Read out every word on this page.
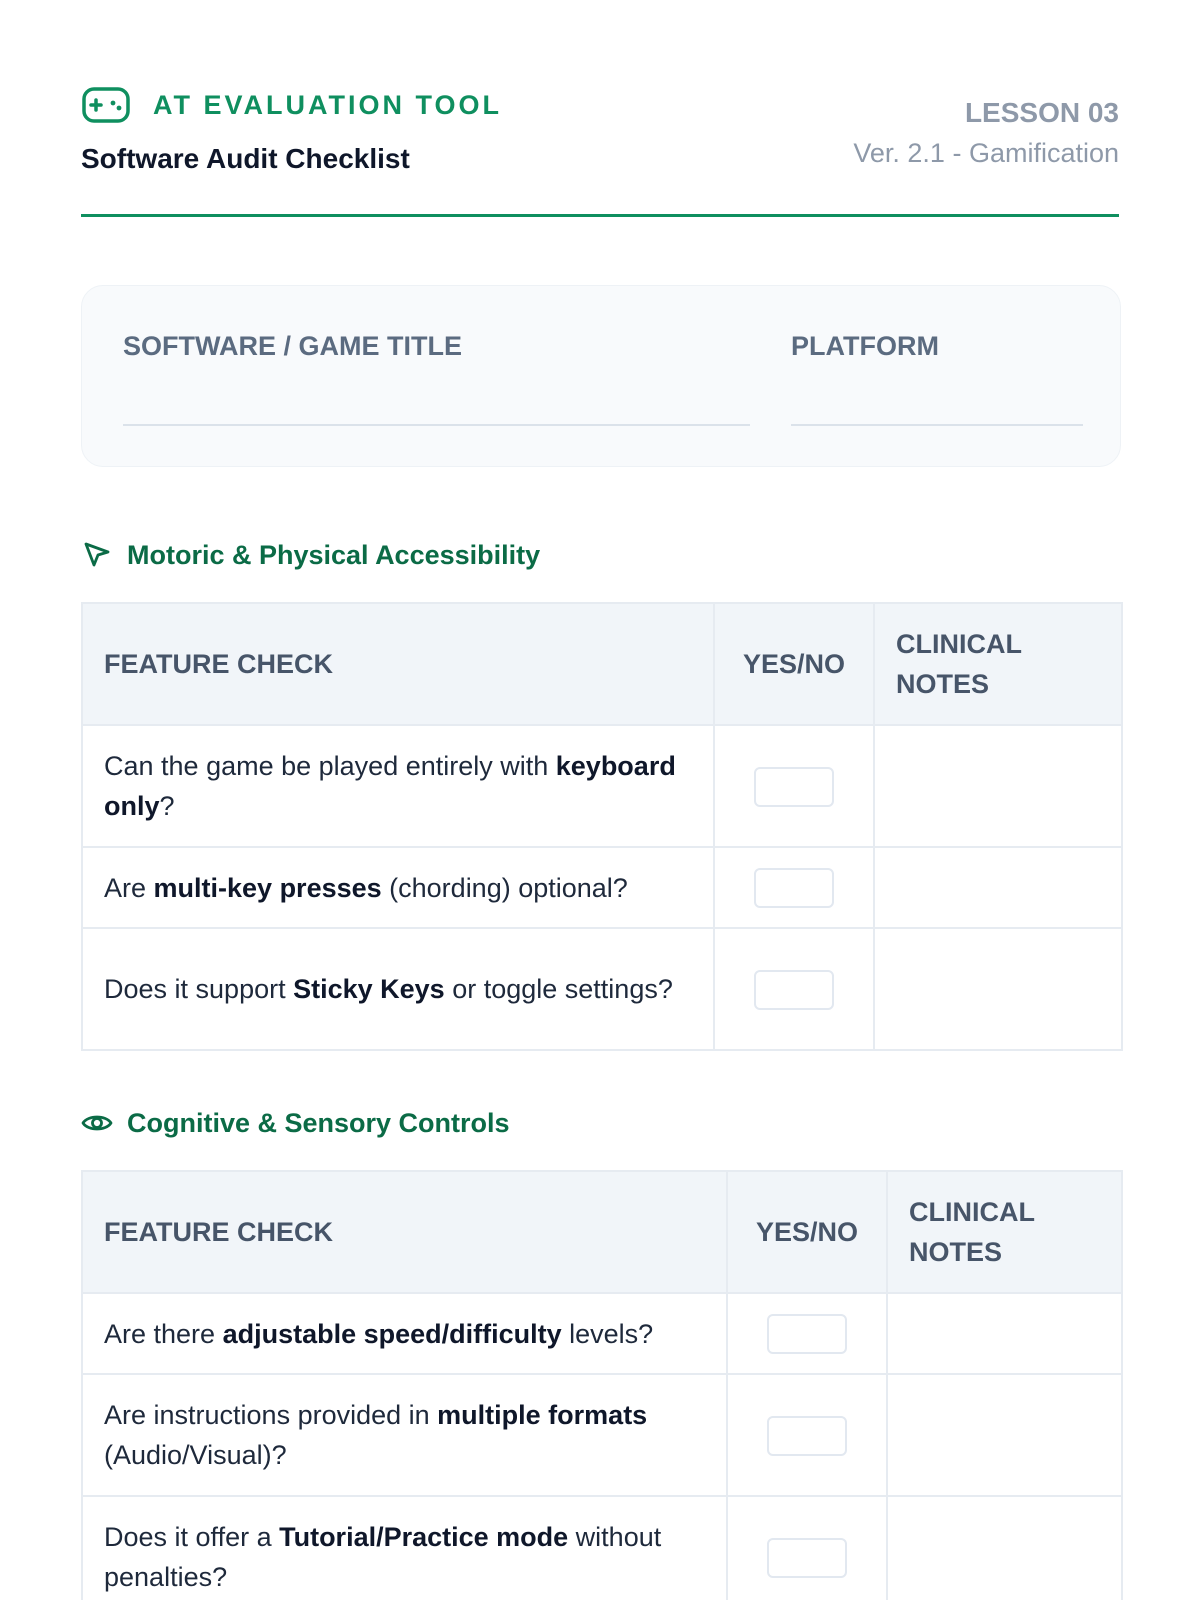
AT EVALUATION TOOL
Software Audit Checklist
LESSON 03
Ver. 2.1 - Gamification
SOFTWARE / GAME TITLE	PLATFORM
Motoric & Physical Accessibility
FEATURE CHECK	YES/NO	CLINICAL NOTES
Can the game be played entirely with keyboard only?		
Are multi-key presses (chording) optional?		
Does it support Sticky Keys or toggle settings?		
Cognitive & Sensory Controls
FEATURE CHECK	YES/NO	CLINICAL NOTES
Are there adjustable speed/difficulty levels?		
Are instructions provided in multiple formats (Audio/Visual)?		
Does it offer a Tutorial/Practice mode without penalties?		
